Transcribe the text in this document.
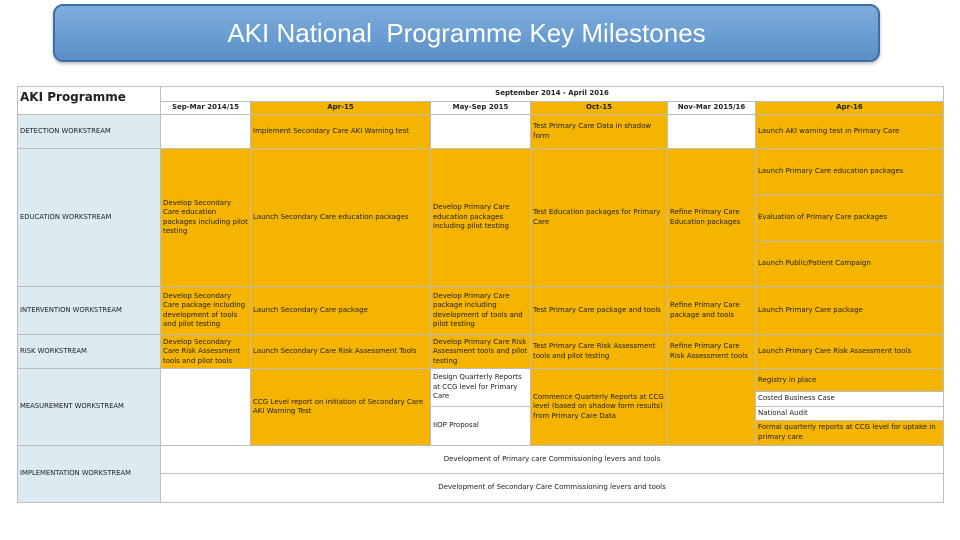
AKI National  Programme Key Milestones
AKI Programme	September 2014 - April 2016					
	Sep-Mar 2014/15	Apr-15	May-Sep 2015	Oct-15	Nov-Mar 2015/16	Apr-16
DETECTION WORKSTREAM		Implement Secondary Care AKI Warning test		Test Primary Care Data in shadow form		Launch AKI warning test in Primary Care
EDUCATION WORKSTREAM	Develop Secondary Care education packages including pilot testing	Launch Secondary Care education packages	Develop Primary Care education packages including pilot testing	Test Education packages for Primary Care	Refine Primary Care Education packages	Launch Primary Care education packages
						Evaluation of Primary Care packages
						Launch Public/Patient Campaign
INTERVENTION WORKSTREAM	Develop Secondary Care package including development of tools and pilot testing	Launch Secondary Care package	Develop Primary Care package including development of tools and pilot testing	Test Primary Care package and tools	Refine Primary Care package and tools	Launch Primary Care package
RISK WORKSTREAM	Develop Secondary Care Risk Assessment tools and pilot tools	Launch Secondary Care Risk Assessment Tools	Develop Primary Care Risk Assessment tools and pilot testing	Test Primary Care Risk Assessment tools and pilot testing	Refine Primary Care Risk Assessment tools	Launch Primary Care Risk Assessment tools
MEASUREMENT WORKSTREAM		CCG Level report on initiation of Secondary Care AKI Warning Test	Design Quarterly Reports at CCG level for Primary Care	Commence Quarterly Reports at CCG level (based on shadow form results) from Primary Care Data		Registry in place
						Costed Business Case
			IIOP Proposal			National Audit
						Formal quarterly reports at CCG level for uptake in primary care
IMPLEMENTATION WORKSTREAM	Development of Primary care Commissioning levers and tools					
	Development of Secondary Care Commissioning levers and tools					
